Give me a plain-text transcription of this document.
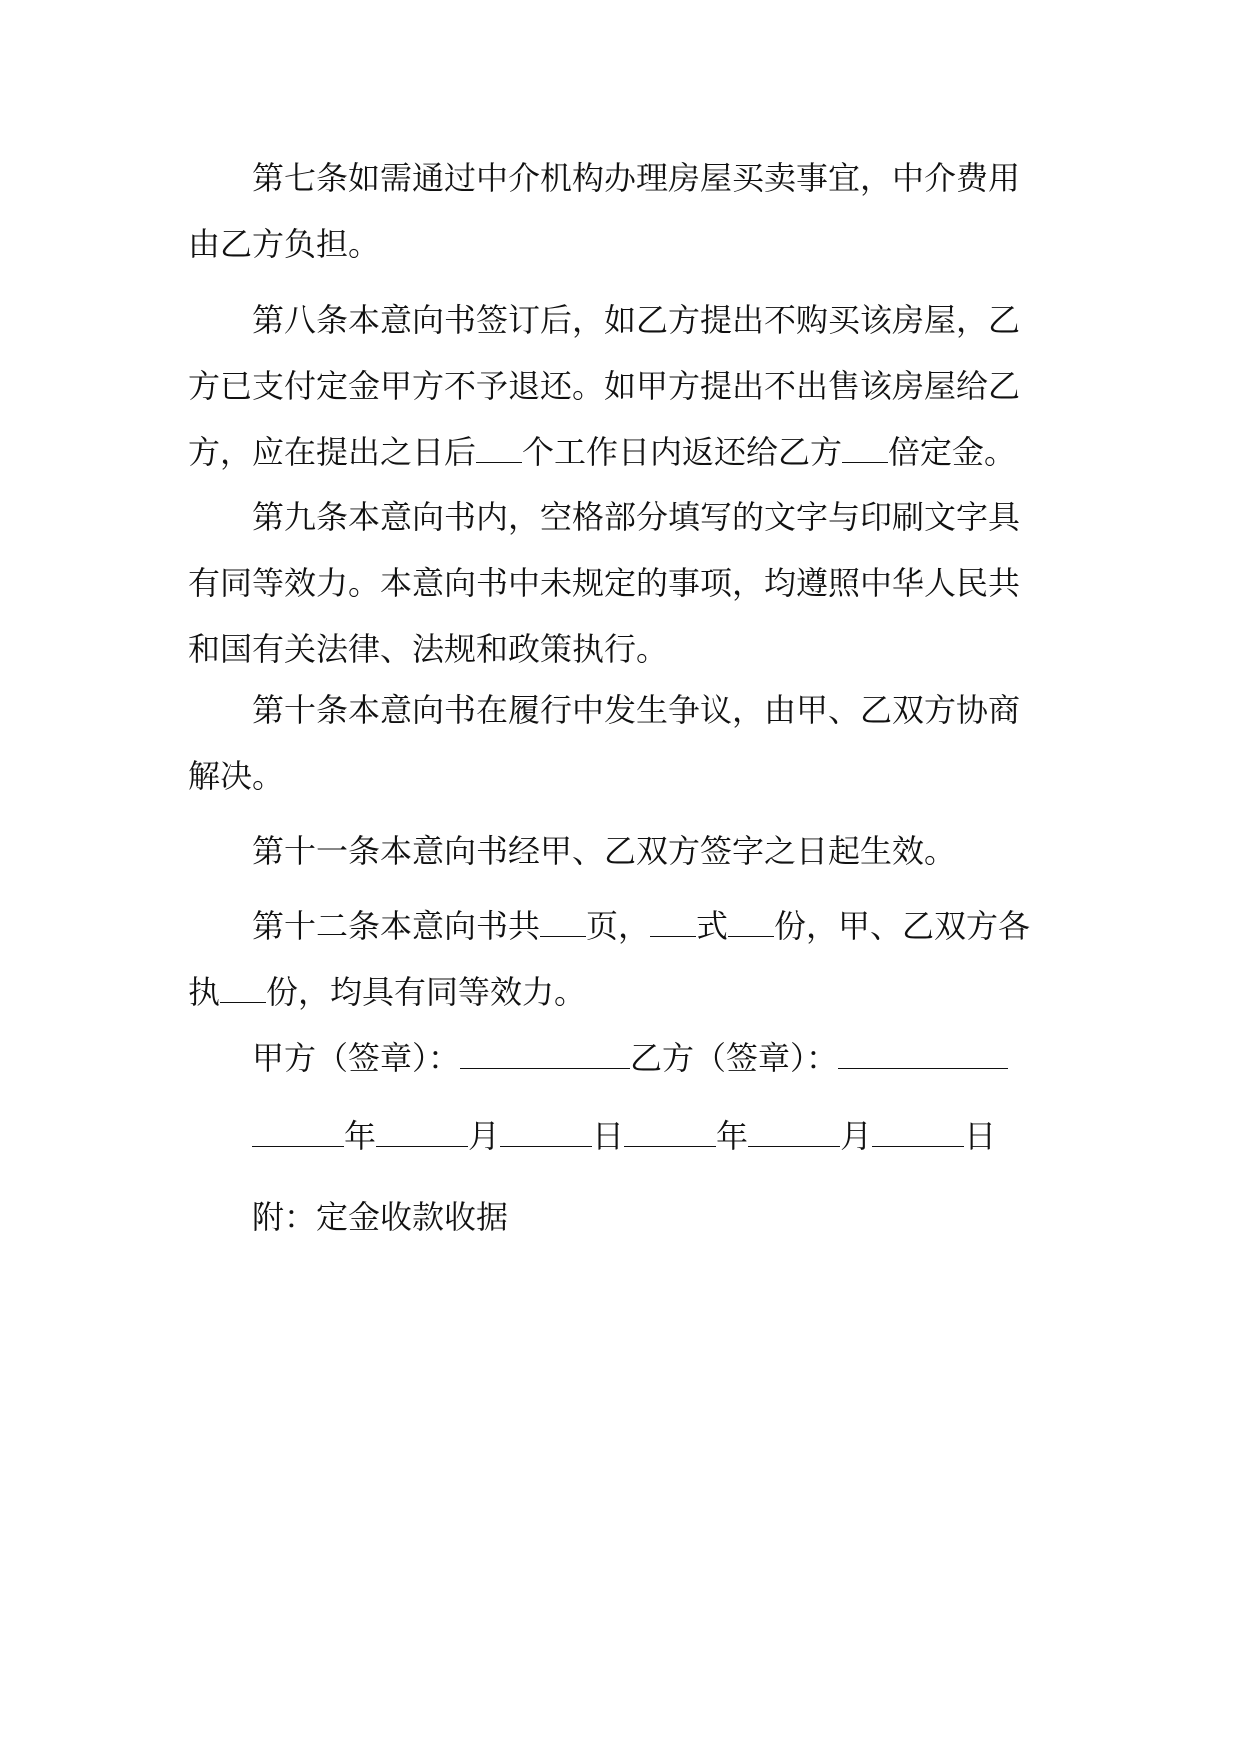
第七条如需通过中介机构办理房屋买卖事宜，中介费用由乙方负担。

第八条本意向书签订后，如乙方提出不购买该房屋，乙方已支付定金甲方不予退还。如甲方提出不出售该房屋给乙方，应在提出之日后 个工作日内返还给乙方 倍定金。

第九条本意向书内，空格部分填写的文字与印刷文字具有同等效力。本意向书中未规定的事项，均遵照中华人民共和国有关法律、法规和政策执行。

第十条本意向书在履行中发生争议，由甲、乙双方协商解决。

第十一条本意向书经甲、乙双方签字之日起生效。

第十二条本意向书共 页， 式 份，甲、乙双方各执 份，均具有同等效力。

甲方（签章）：	乙方（签章）：

年	月	日	年	月	日

附：定金收款收据
